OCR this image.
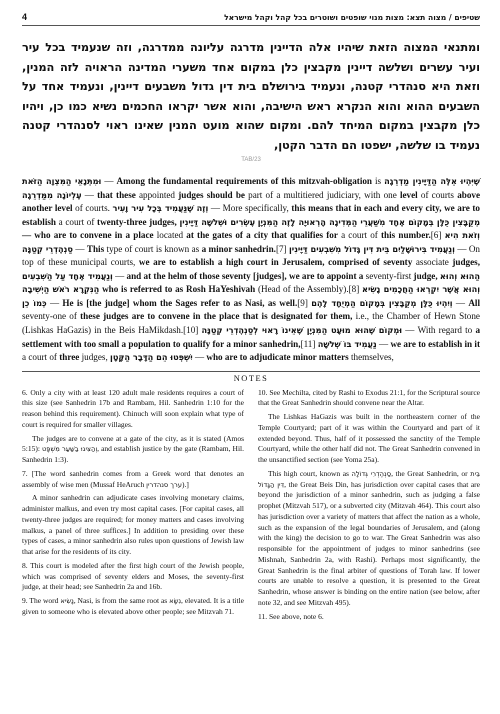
4	שטיפים / מצוה תצא: מצות מנוי שופטים ושוטרים בכל קהל וקהל מישראל
ומתנאי המצוה הזאת שיהיו אלה הדיינין מדרגה עליונה ממדרגה, וזה שנעמיד בכל עיר ועיר עשרים ושלשה דיינין מקבצין כלן במקום אחד משערי המדינה הראויה לזה המנין, וזאת היא סנהדרי קטנה, ונעמיד בירושלם בית דין גדול משבעים דיינין, ונעמיד אחד על השבעים ההוא והוא הנקרא ראש הישיבה, והוא אשר יקראו החכמים נשיא כמו כן, ויהיו כלן מקבצין במקום המיחד להם. ומקום שהוא מועט המנין שאינו ראוי לסנהדרי קטנה נעמיד בו שלשה, ישפטו הם הדבר הקטן,
TAB/23

וּמִתְּנָאֵי הַמִּצְוָה הַזֹּאת — Among the fundamental requirements of this mitzvah-obligation is שֶׁיִּהְיוּ אֵלֶּה הַדַּיָּינִין מַדְרֵגָה עֶלְיוֹנָה מִמַּדְרֵגָה — that these appointed judges should be part of a multitiered judiciary, with one level of courts above another level of courts. וְזֶה שֶׁנַּעֲמִיד בְּכָל עִיר וָעִיר — More specifically, this means that in each and every city, we are to establish a court of twenty-three judges, עֶשְׂרִים וּשְׁלֹשָׁה דַּיָּינִין מְקֻבָּצִין כֻּלָּן בְּמָקוֹם אֶחָד מִשַּׁעֲרֵי הַמְּדִינָה הָרְאוּיָה לָזֶה הַמִּנְיָן — who are to convene in a place located at the gates of a city that qualifies for a court of this number.[6] וְזֹאת הִיא סַנְהֶדְרֵי קְטַנָּה — This type of court is known as a minor sanhedrin.[7] וְנַעֲמִיד בִּירוּשָׁלַיִם בֵּית דִּין גָּדוֹל מִשִּׁבְעִים דַּיָּינִין — On top of these municipal courts, we are to establish a high court in Jerusalem, comprised of seventy associate judges, וְנַעֲמִיד אֶחָד עַל הַשִּׁבְעִים — and at the helm of those seventy [judges], we are to appoint a seventy-first judge, הַהוּא וְהוּא הַנִּקְרָא רֹאשׁ הַיְשִׁיבָה who is referred to as Rosh HaYeshivah (Head of the Assembly).[8] וְהוּא אֲשֶׁר יִקְרְאוּ הַחֲכָמִים נָשִׂיא כְּמוֹ כֵן — He is [the judge] whom the Sages refer to as Nasi, as well.[9] וְיִהְיוּ כֻּלָּן מְקֻבָּצִין בְּמָקוֹם הַמְיֻחָד לָהֶם — All seventy-one of these judges are to convene in the place that is designated for them, i.e., the Chamber of Hewn Stone (Lishkas HaGazis) in the Beis HaMikdash.[10] וּמְקוֹם שֶׁהוּא מוּעָט הַמִּנְיָן שֶׁאֵינוֹ רָאוּי לְסַנְהֶדְרֵי קְטַנָּה — With regard to a settlement with too small a population to qualify for a minor sanhedrin,[11] נַעֲמִיד בּוֹ שְׁלֹשָׁה — we are to establish in it a court of three judges, יִשְׁפְּטוּ הֵם הַדָּבָר הַקָּטָן — who are to adjudicate minor matters themselves,

NOTES

6. Only a city with at least 120 adult male residents requires a court of this size (see Sanhedrin 17b and Rambam, Hil. Sanhedrin 1:10 for the reason behind this requirement). Chinuch will soon explain what type of court is required for smaller villages.

The judges are to convene at a gate of the city, as it is stated (Amos 5:15): וְהַצִּיגוּ בַשַּׁעַר מִשְׁפָּט, and establish justice by the gate (Rambam, Hil. Sanhedrin 1:3).

7. [The word sanhedrin comes from a Greek word that denotes an assembly of wise men (Mussaf HeAruch ערך סנהדרין).]

A minor sanhedrin can adjudicate cases involving monetary claims, administer malkus, and even try most capital cases. [For capital cases, all twenty-three judges are required; for money matters and cases involving malkus, a panel of three suffices.] In addition to presiding over these types of cases, a minor sanhedrin also rules upon questions of Jewish law that arise for the residents of its city.

8. This court is modeled after the first high court of the Jewish people, which was comprised of seventy elders and Moses, the seventy-first judge, at their head; see Sanhedrin 2a and 16b.

9. The word נָשִׂיא, Nasi, is from the same root as נִשָּׂא, elevated. It is a title given to someone who is elevated above other people; see Mitzvah 71.

10. See Mechilta, cited by Rashi to Exodus 21:1, for the Scriptural source that the Great Sanhedrin should convene near the Altar.

The Lishkas HaGazis was built in the northeastern corner of the Temple Courtyard; part of it was within the Courtyard and part of it extended beyond. Thus, half of it possessed the sanctity of the Temple Courtyard, while the other half did not. The Great Sanhedrin convened in the unsanctified section (see Yoma 25a).

This high court, known as סַנְהֶדְרִי גְּדוֹלָה, the Great Sanhedrin, or בֵּית דִּין הַגָּדוֹל, the Great Beis Din, has jurisdiction over capital cases that are beyond the jurisdiction of a minor sanhedrin, such as judging a false prophet (Mitzvah 517), or a subverted city (Mitzvah 464). This court also has jurisdiction over a variety of matters that affect the nation as a whole, such as the expansion of the legal boundaries of Jerusalem, and (along with the king) the decision to go to war. The Great Sanhedrin was also responsible for the appointment of judges to minor sanhedrins (see Mishnah, Sanhedrin 2a, with Rashi). Perhaps most significantly, the Great Sanhedrin is the final arbiter of questions of Torah law. If lower courts are unable to resolve a question, it is presented to the Great Sanhedrin, whose answer is binding on the entire nation (see below, after note 32, and see Mitzvah 495).

11. See above, note 6.
